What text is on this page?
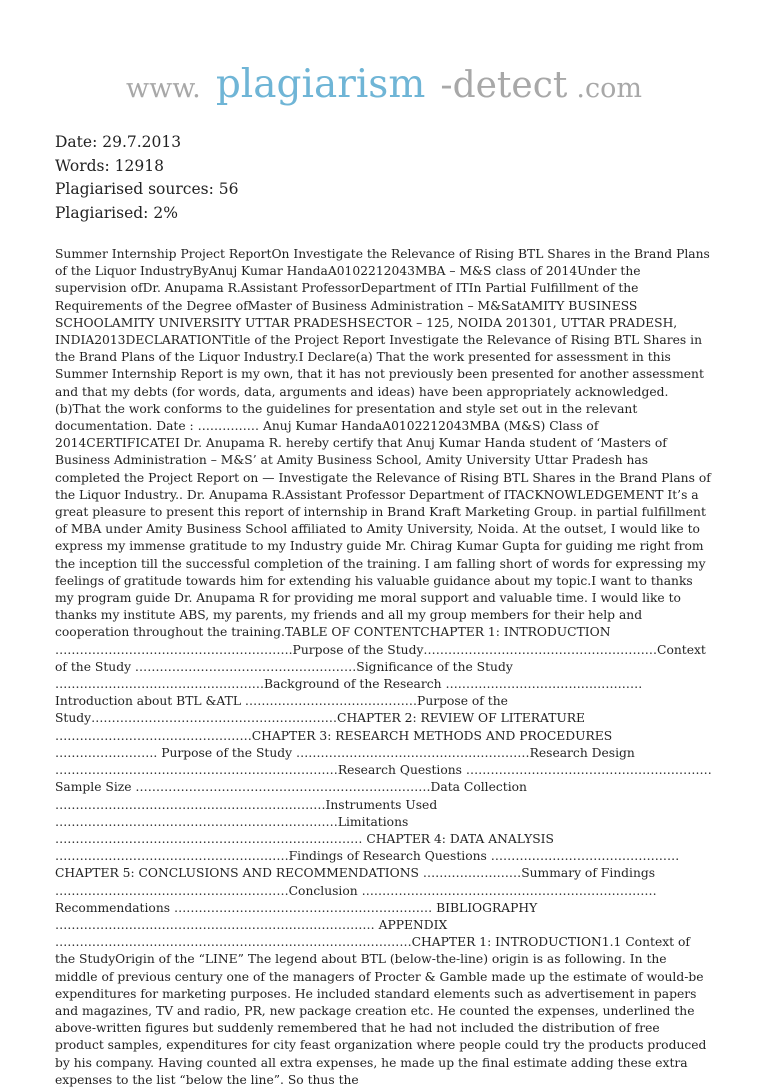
www. plagiarism -detect .com
Date: 29.7.2013
Words: 12918
Plagiarised sources: 56
Plagiarised: 2%
Summer Internship Project ReportOn Investigate the Relevance of Rising BTL Shares in the Brand Plans of the Liquor IndustryByAnuj Kumar HandaA0102212043MBA – M&S class of 2014Under the supervision ofDr. Anupama R.Assistant ProfessorDepartment of ITIn Partial Fulfillment of the Requirements of the Degree ofMaster of Business Administration – M&SatAMITY BUSINESS SCHOOLAMITY UNIVERSITY UTTAR PRADESHSECTOR – 125, NOIDA 201301, UTTAR PRADESH, INDIA2013DECLARATIONTitle of the Project Report Investigate the Relevance of Rising BTL Shares in the Brand Plans of the Liquor Industry.I Declare(a) That the work presented for assessment in this Summer Internship Report is my own, that it has not previously been presented for another assessment and that my debts (for words, data, arguments and ideas) have been appropriately acknowledged.(b)That the work conforms to the guidelines for presentation and style set out in the relevant documentation. Date : …………… Anuj Kumar HandaA0102212043MBA (M&S) Class of 2014CERTIFICATEI Dr. Anupama R. hereby certify that Anuj Kumar Handa student of ‘Masters of Business Administration – M&S’ at Amity Business School, Amity University Uttar Pradesh has completed the Project Report on — Investigate the Relevance of Rising BTL Shares in the Brand Plans of the Liquor Industry.. Dr. Anupama R.Assistant Professor Department of ITACKNOWLEDGEMENT It’s a great pleasure to present this report of internship in Brand Kraft Marketing Group. in partial fulfillment of MBA under Amity Business School affiliated to Amity University, Noida. At the outset, I would like to express my immense gratitude to my Industry guide Mr. Chirag Kumar Gupta for guiding me right from the inception till the successful completion of the training. I am falling short of words for expressing my feelings of gratitude towards him for extending his valuable guidance about my topic.I want to thanks my program guide Dr. Anupama R for providing me moral support and valuable time. I would like to thanks my institute ABS, my parents, my friends and all my group members for their help and cooperation throughout the training.TABLE OF CONTENTCHAPTER 1: INTRODUCTION ………………………………………………….Purpose of the Study…………………………………………………Context of the Study ………………………………………………Significance of the Study ……………………………………………Background of the Research ………………………………………… Introduction about BTL &ATL ……………………………………Purpose of the Study……………………………………………………CHAPTER 2: REVIEW OF LITERATURE …………………………………………CHAPTER 3: RESEARCH METHODS AND PROCEDURES ……………………. Purpose of the Study …………………………………………………Research Design ……………………………………………………………Research Questions ……………………………………………………Sample Size ………………………………………………………………Data Collection …………………………………………………………Instruments Used ……………………………………………………………Limitations ………………………………………………………………… CHAPTER 4: DATA ANALYSIS …………………………………………………Findings of Research Questions ………………………………………. CHAPTER 5: CONCLUSIONS AND RECOMMENDATIONS ……………………Summary of Findings …………………………………………………Conclusion ………………………………………………………………Recommendations ……………………………………………………… BIBLIOGRAPHY …………………………………………………………………… APPENDIX ……………………………………………………………………………CHAPTER 1: INTRODUCTION1.1 Context of the StudyOrigin of the “LINE” The legend about BTL (below-the-line) origin is as following. In the middle of previous century one of the managers of Procter & Gamble made up the estimate of would-be expenditures for marketing purposes. He included standard elements such as advertisement in papers and magazines, TV and radio, PR, new package creation etc. He counted the expenses, underlined the above-written figures but suddenly remembered that he had not included the distribution of free product samples, expenditures for city feast organization where people could try the products produced by his company. Having counted all extra expenses, he made up the final estimate adding these extra expenses to the list “below the line”. So thus the
